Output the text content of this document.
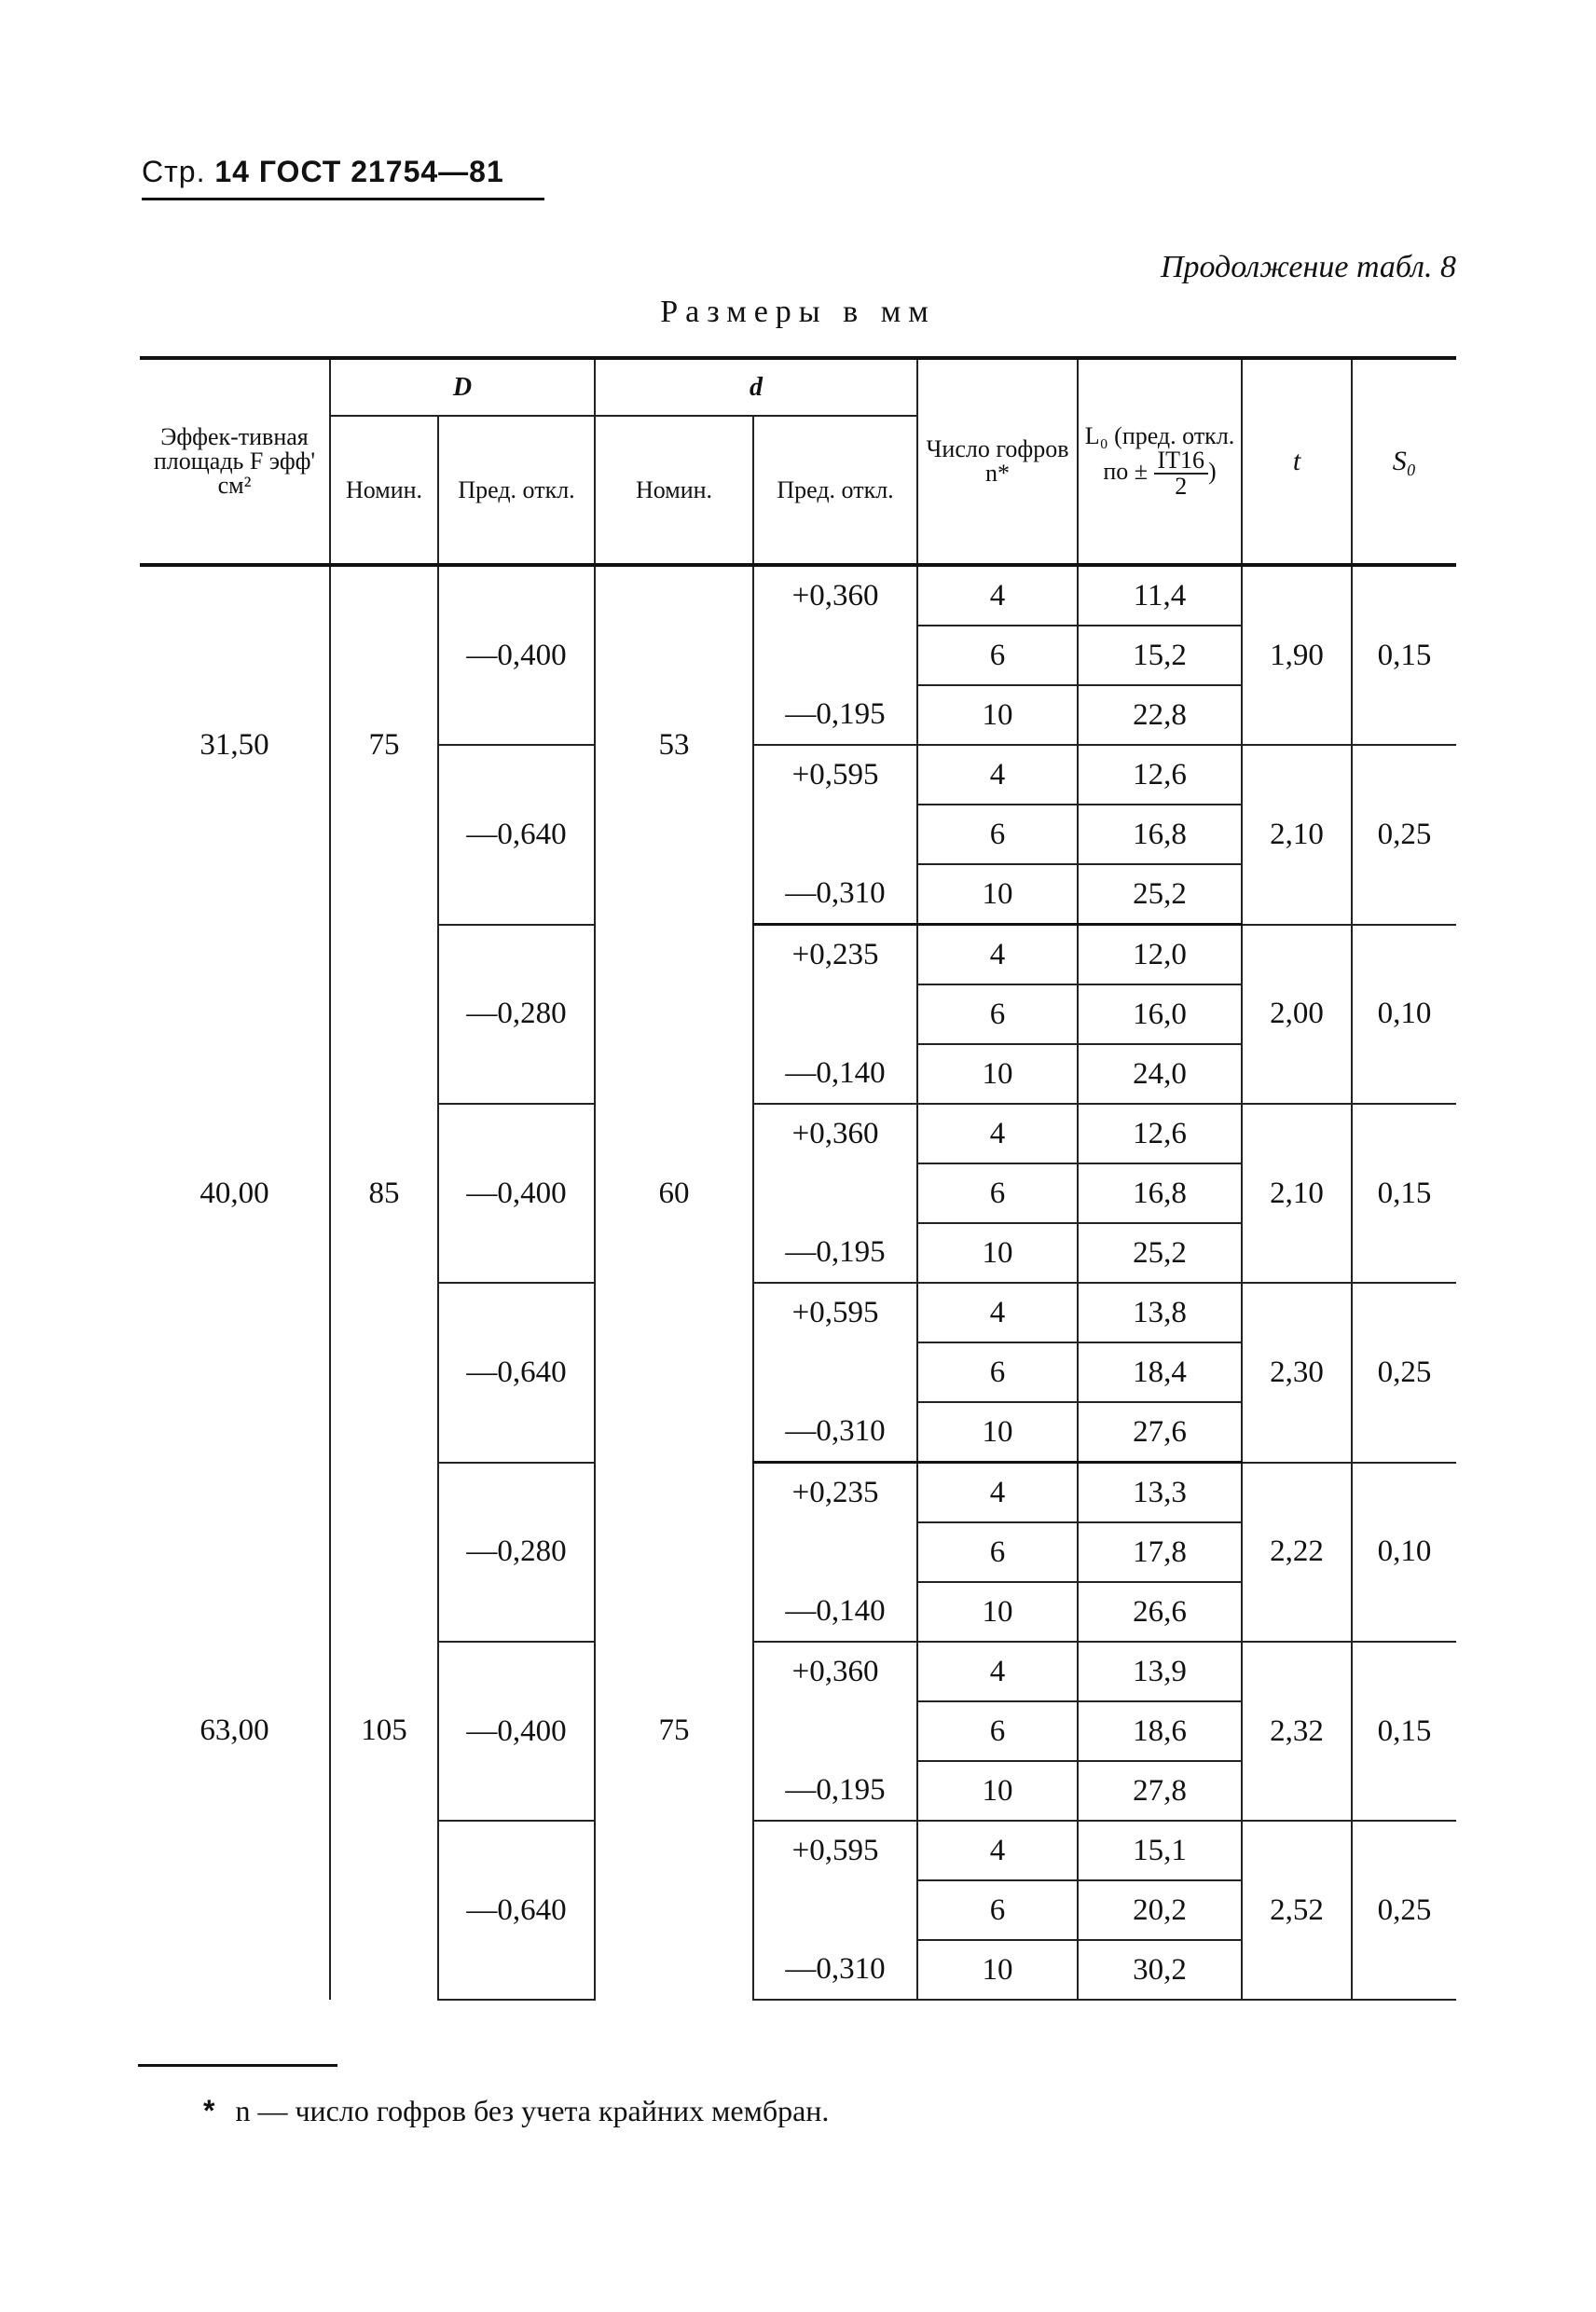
Стр. 14 ГОСТ 21754—81
Продолжение табл. 8
Размеры в мм
Эффек-тивная площадь F эфф' см²	D		d		Число гофров n*	L₀ (пред. откл. по ± $\frac{IT16}{2}$ )	t	S₀
	Номин.	Пред. откл.	Номин.	Пред. откл.				
31,50	75	—0,400	53	+0,360	4	11,4	1,90	0,15
					6	15,2		
				—0,195	10	22,8		
		—0,640		+0,595	4	12,6	2,10	0,25
					6	16,8		
				—0,310	10	25,2		
40,00	85	—0,280	60	+0,235	4	12,0	2,00	0,10
					6	16,0		
				—0,140	10	24,0		
		—0,400		+0,360	4	12,6	2,10	0,15
					6	16,8		
				—0,195	10	25,2		
		—0,640		+0,595	4	13,8	2,30	0,25
					6	18,4		
				—0,310	10	27,6		
63,00	105	—0,280	75	+0,235	4	13,3	2,22	0,10
					6	17,8		
				—0,140	10	26,6		
		—0,400		+0,360	4	13,9	2,32	0,15
					6	18,6		
				—0,195	10	27,8		
		—0,640		+0,595	4	15,1	2,52	0,25
					6	20,2		
				—0,310	10	30,2		
* n — число гофров без учета крайних мембран.
